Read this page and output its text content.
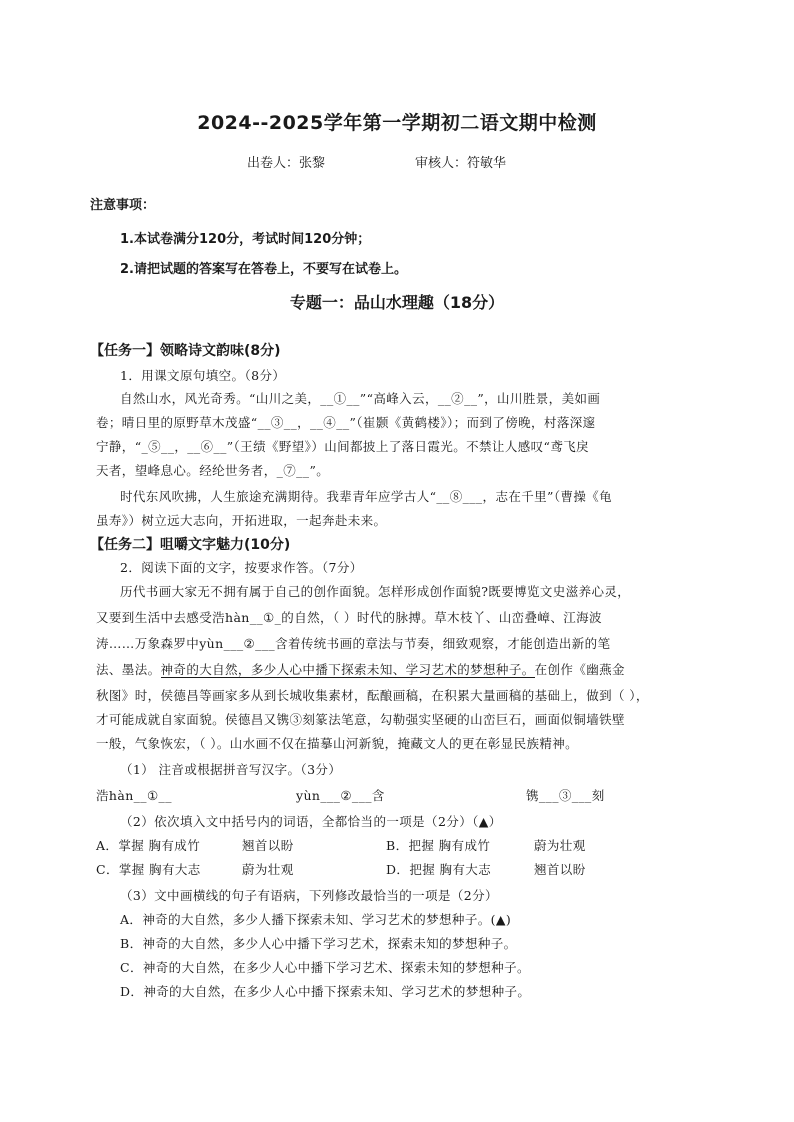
2024--2025学年第一学期初二语文期中检测
出卷人：张黎	审核人：符敏华
注意事项：
1.本试卷满分120分，考试时间120分钟；
2.请把试题的答案写在答卷上，不要写在试卷上。
专题一：品山水理趣（18分）
【任务一】领略诗文韵味(8分)
1．用课文原句填空。（8分）
自然山水，风光奇秀。“山川之美，__①__”“高峰入云，__②__”，山川胜景，美如画
卷；晴日里的原野草木茂盛“__③__，__④__”（崔颢《黄鹤楼》）；而到了傍晚，村落深邃
宁静，“_⑤__，__⑥__”（王绩《野望》）山间都披上了落日霞光。不禁让人感叹“鸢飞戾
天者，望峰息心。经纶世务者，_⑦__”。
时代东风吹拂，人生旅途充满期待。我辈青年应学古人“__⑧___，志在千里”（曹操《龟
虽寿》）树立远大志向，开拓进取，一起奔赴未来。
【任务二】咀嚼文字魅力(10分)
2．阅读下面的文字，按要求作答。（7分）
历代书画大家无不拥有属于自己的创作面貌。怎样形成创作面貌?既要博览文史滋养心灵，
又要到生活中去感受浩hàn__①_的自然，（ ）时代的脉搏。草木枝丫、山峦叠嶂、江海波
涛……万象森罗中yùn___②___含着传统书画的章法与节奏，细致观察，才能创造出新的笔
法、墨法。神奇的大自然，多少人心中播下探索未知、学习艺术的梦想种子。在创作《幽燕金
秋图》时，侯德昌等画家多从到长城收集素材，酝酿画稿，在积累大量画稿的基础上，做到（ ），
才可能成就自家面貌。侯德昌又镌③刻篆法笔意，勾勒强实坚硬的山峦巨石，画面似铜墙铁壁
一般，气象恢宏，（ ）。山水画不仅在描摹山河新貌，掩藏文人的更在彰显民族精神。
（1） 注音或根据拼音写汉字。（3分）
浩hàn__①__	yùn___②___含	镌___③___刻
（2）依次填入文中括号内的词语，全都恰当的一项是（2分）（▲）
A．掌握 胸有成竹	翘首以盼	B．把握 胸有成竹	蔚为壮观
C．掌握 胸有大志	蔚为壮观	D．把握 胸有大志	翘首以盼
（3）文中画横线的句子有语病，下列修改最恰当的一项是（2分）
A．神奇的大自然，多少人播下探索未知、学习艺术的梦想种子。(▲)
B．神奇的大自然，多少人心中播下学习艺术，探索未知的梦想种子。
C．神奇的大自然，在多少人心中播下学习艺术、探索未知的梦想种子。
D．神奇的大自然，在多少人心中播下探索未知、学习艺术的梦想种子。
